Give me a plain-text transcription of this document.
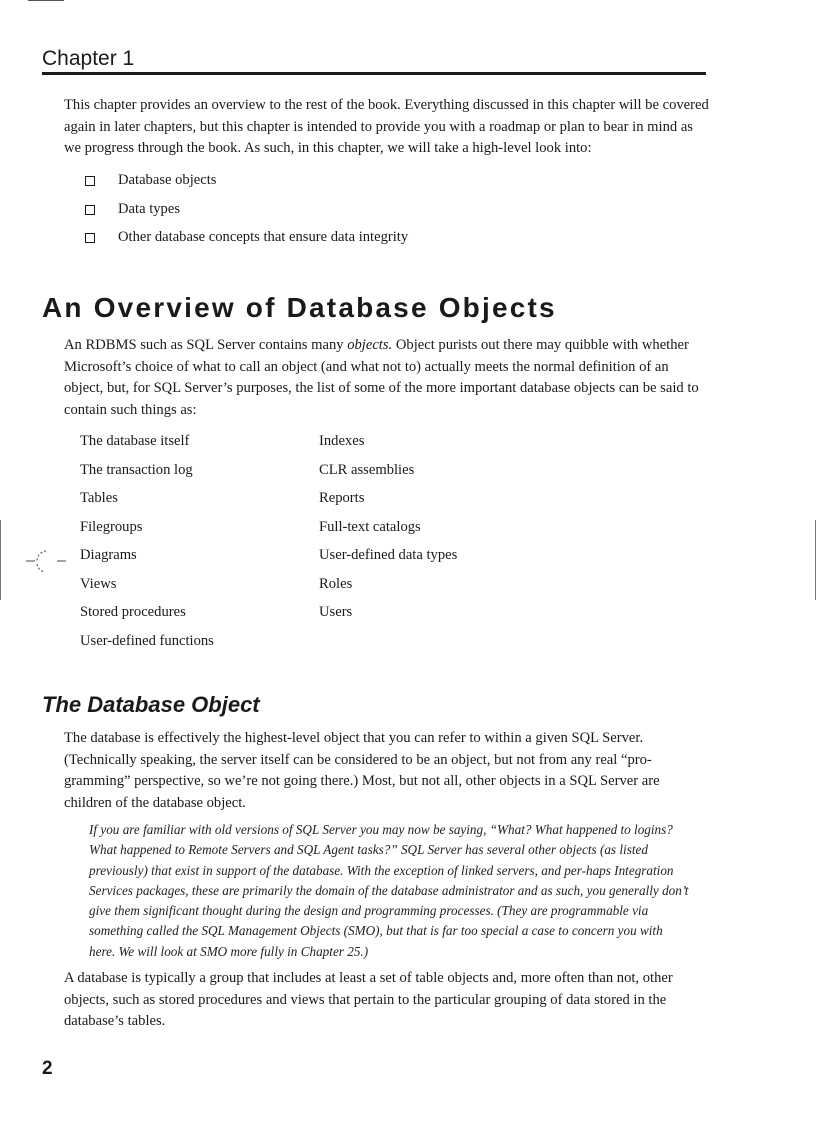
Chapter 1

This chapter provides an overview to the rest of the book. Everything discussed in this chapter will be covered again in later chapters, but this chapter is intended to provide you with a roadmap or plan to bear in mind as we progress through the book. As such, in this chapter, we will take a high-level look into:

Database objects
Data types
Other database concepts that ensure data integrity
An Overview of Database Objects

An RDBMS such as SQL Server contains many objects. Object purists out there may quibble with whether Microsoft’s choice of what to call an object (and what not to) actually meets the normal definition of an object, but, for SQL Server’s purposes, the list of some of the more important database objects can be said to contain such things as:

The database itself	Indexes
The transaction log	CLR assemblies
Tables	Reports
Filegroups	Full-text catalogs
Diagrams	User-defined data types
Views	Roles
Stored procedures	Users
User-defined functions
The Database Object

The database is effectively the highest-level object that you can refer to within a given SQL Server. (Technically speaking, the server itself can be considered to be an object, but not from any real “pro-gramming” perspective, so we’re not going there.) Most, but not all, other objects in a SQL Server are children of the database object.

If you are familiar with old versions of SQL Server you may now be saying, “What? What happened to logins? What happened to Remote Servers and SQL Agent tasks?” SQL Server has several other objects (as listed previously) that exist in support of the database. With the exception of linked servers, and per-haps Integration Services packages, these are primarily the domain of the database administrator and as such, you generally don’t give them significant thought during the design and programming processes. (They are programmable via something called the SQL Management Objects (SMO), but that is far too special a case to concern you with here. We will look at SMO more fully in Chapter 25.)

A database is typically a group that includes at least a set of table objects and, more often than not, other objects, such as stored procedures and views that pertain to the particular grouping of data stored in the database’s tables.

2
